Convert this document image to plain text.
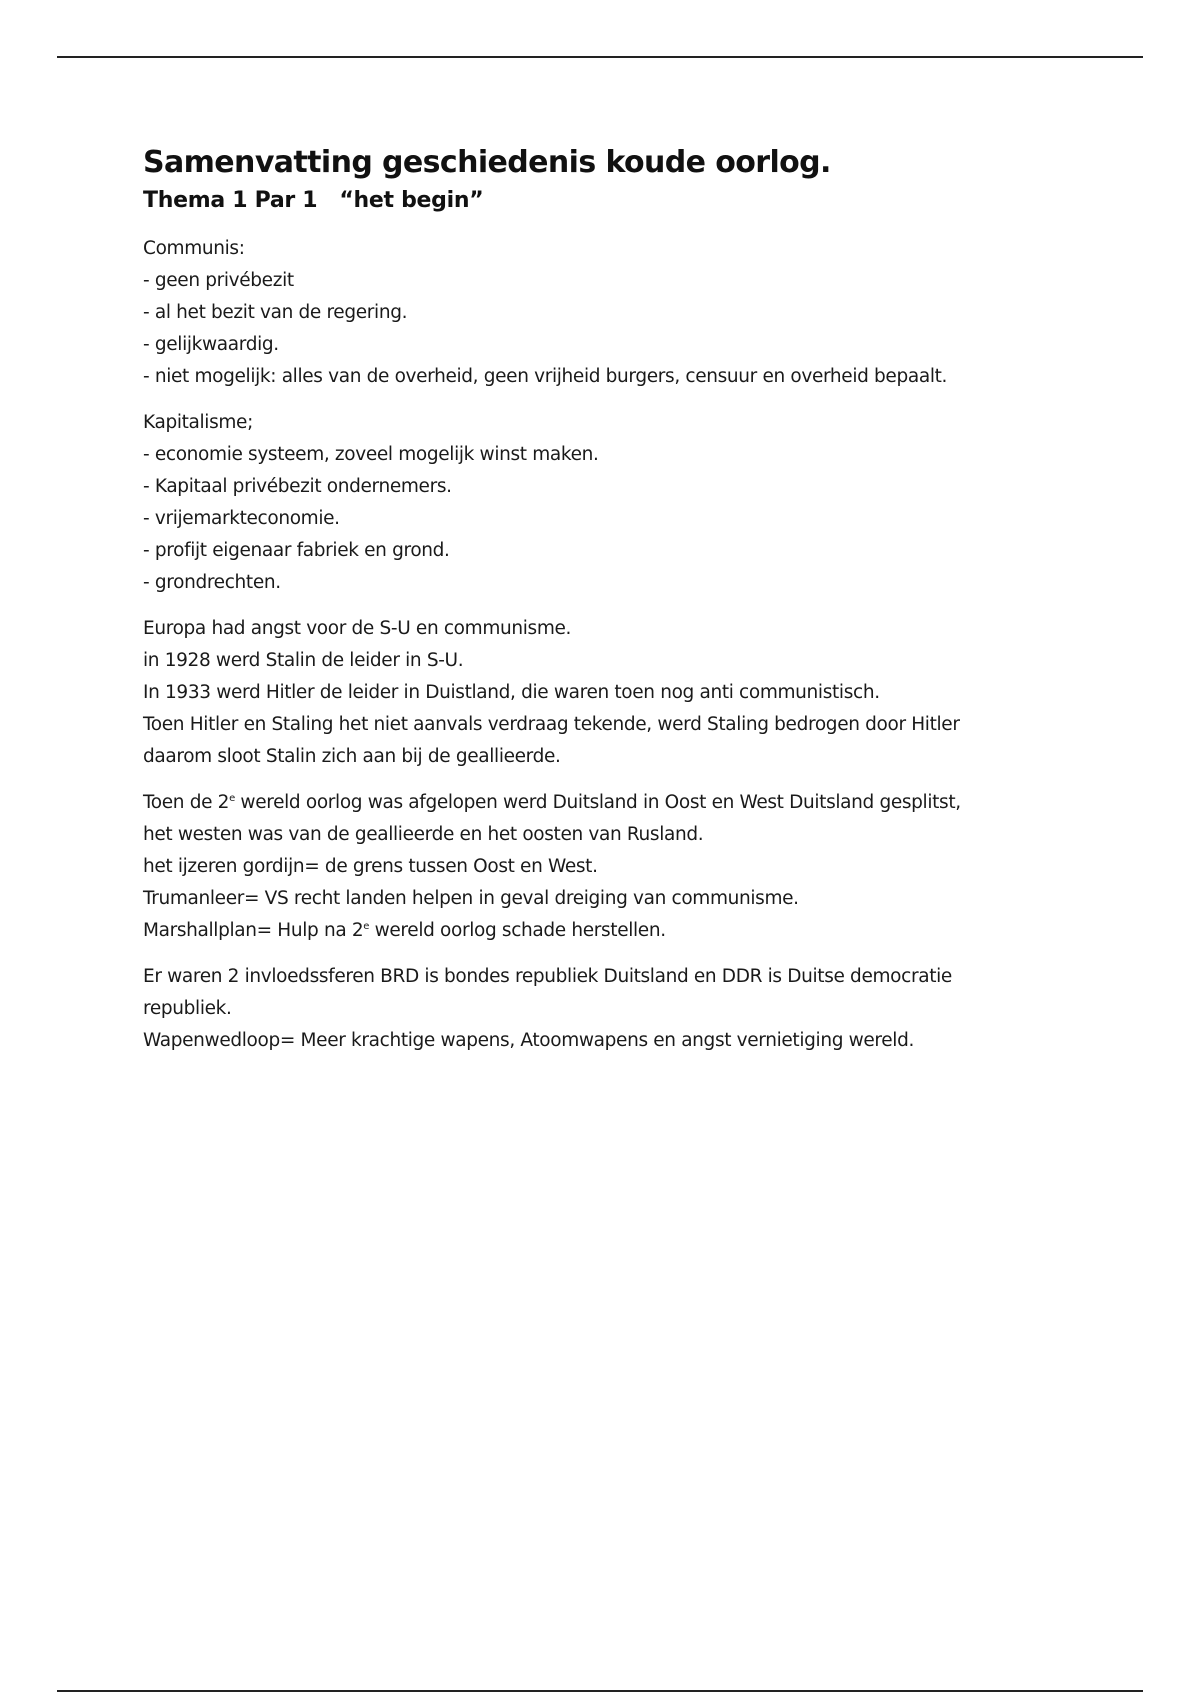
Samenvatting geschiedenis koude oorlog.
Thema 1 Par 1   “het begin”
Communis:
- geen privébezit
- al het bezit van de regering.
- gelijkwaardig.
- niet mogelijk: alles van de overheid, geen vrijheid burgers, censuur en overheid bepaalt.
Kapitalisme;
- economie systeem, zoveel mogelijk winst maken.
- Kapitaal privébezit ondernemers.
- vrijemarkteconomie.
- profijt eigenaar fabriek en grond.
- grondrechten.
Europa had angst voor de S-U en communisme.
in 1928 werd Stalin de leider in S-U.
In 1933 werd Hitler de leider in Duistland, die waren toen nog anti communistisch.
Toen Hitler en Staling het niet aanvals verdraag tekende, werd Staling bedrogen door Hitler
daarom sloot Stalin zich aan bij de geallieerde.
Toen de 2e wereld oorlog was afgelopen werd Duitsland in Oost en West Duitsland gesplitst,
het westen was van de geallieerde en het oosten van Rusland.
het ijzeren gordijn= de grens tussen Oost en West.
Trumanleer= VS recht landen helpen in geval dreiging van communisme.
Marshallplan= Hulp na 2e wereld oorlog schade herstellen.
Er waren 2 invloedssferen BRD is bondes republiek Duitsland en DDR is Duitse democratie
republiek.
Wapenwedloop= Meer krachtige wapens, Atoomwapens en angst vernietiging wereld.
